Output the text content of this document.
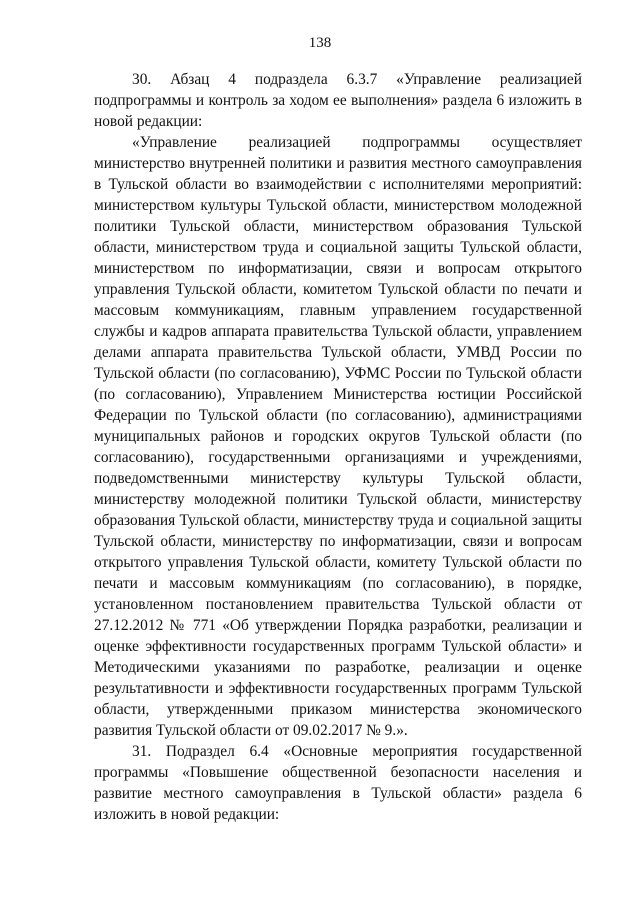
138

30. Абзац 4 подраздела 6.3.7 «Управление реализацией подпрограммы и контроль за ходом ее выполнения» раздела 6 изложить в новой редакции:

«Управление реализацией подпрограммы осуществляет министерство внутренней политики и развития местного самоуправления в Тульской области во взаимодействии с исполнителями мероприятий: министерством культуры Тульской области, министерством молодежной политики Тульской области, министерством образования Тульской области, министерством труда и социальной защиты Тульской области, министерством по информатизации, связи и вопросам открытого управления Тульской области, комитетом Тульской области по печати и массовым коммуникациям, главным управлением государственной службы и кадров аппарата правительства Тульской области, управлением делами аппарата правительства Тульской области, УМВД России по Тульской области (по согласованию), УФМС России по Тульской области (по согласованию), Управлением Министерства юстиции Российской Федерации по Тульской области (по согласованию), администрациями муниципальных районов и городских округов Тульской области (по согласованию), государственными организациями и учреждениями, подведомственными министерству культуры Тульской области, министерству молодежной политики Тульской области, министерству образования Тульской области, министерству труда и социальной защиты Тульской области, министерству по информатизации, связи и вопросам открытого управления Тульской области, комитету Тульской области по печати и массовым коммуникациям (по согласованию), в порядке, установленном постановлением правительства Тульской области от 27.12.2012 № 771 «Об утверждении Порядка разработки, реализации и оценке эффективности государственных программ Тульской области» и Методическими указаниями по разработке, реализации и оценке результативности и эффективности государственных программ Тульской области, утвержденными приказом министерства экономического развития Тульской области от 09.02.2017 № 9.».

31. Подраздел 6.4 «Основные мероприятия государственной программы «Повышение общественной безопасности населения и развитие местного самоуправления в Тульской области» раздела 6 изложить в новой редакции:
